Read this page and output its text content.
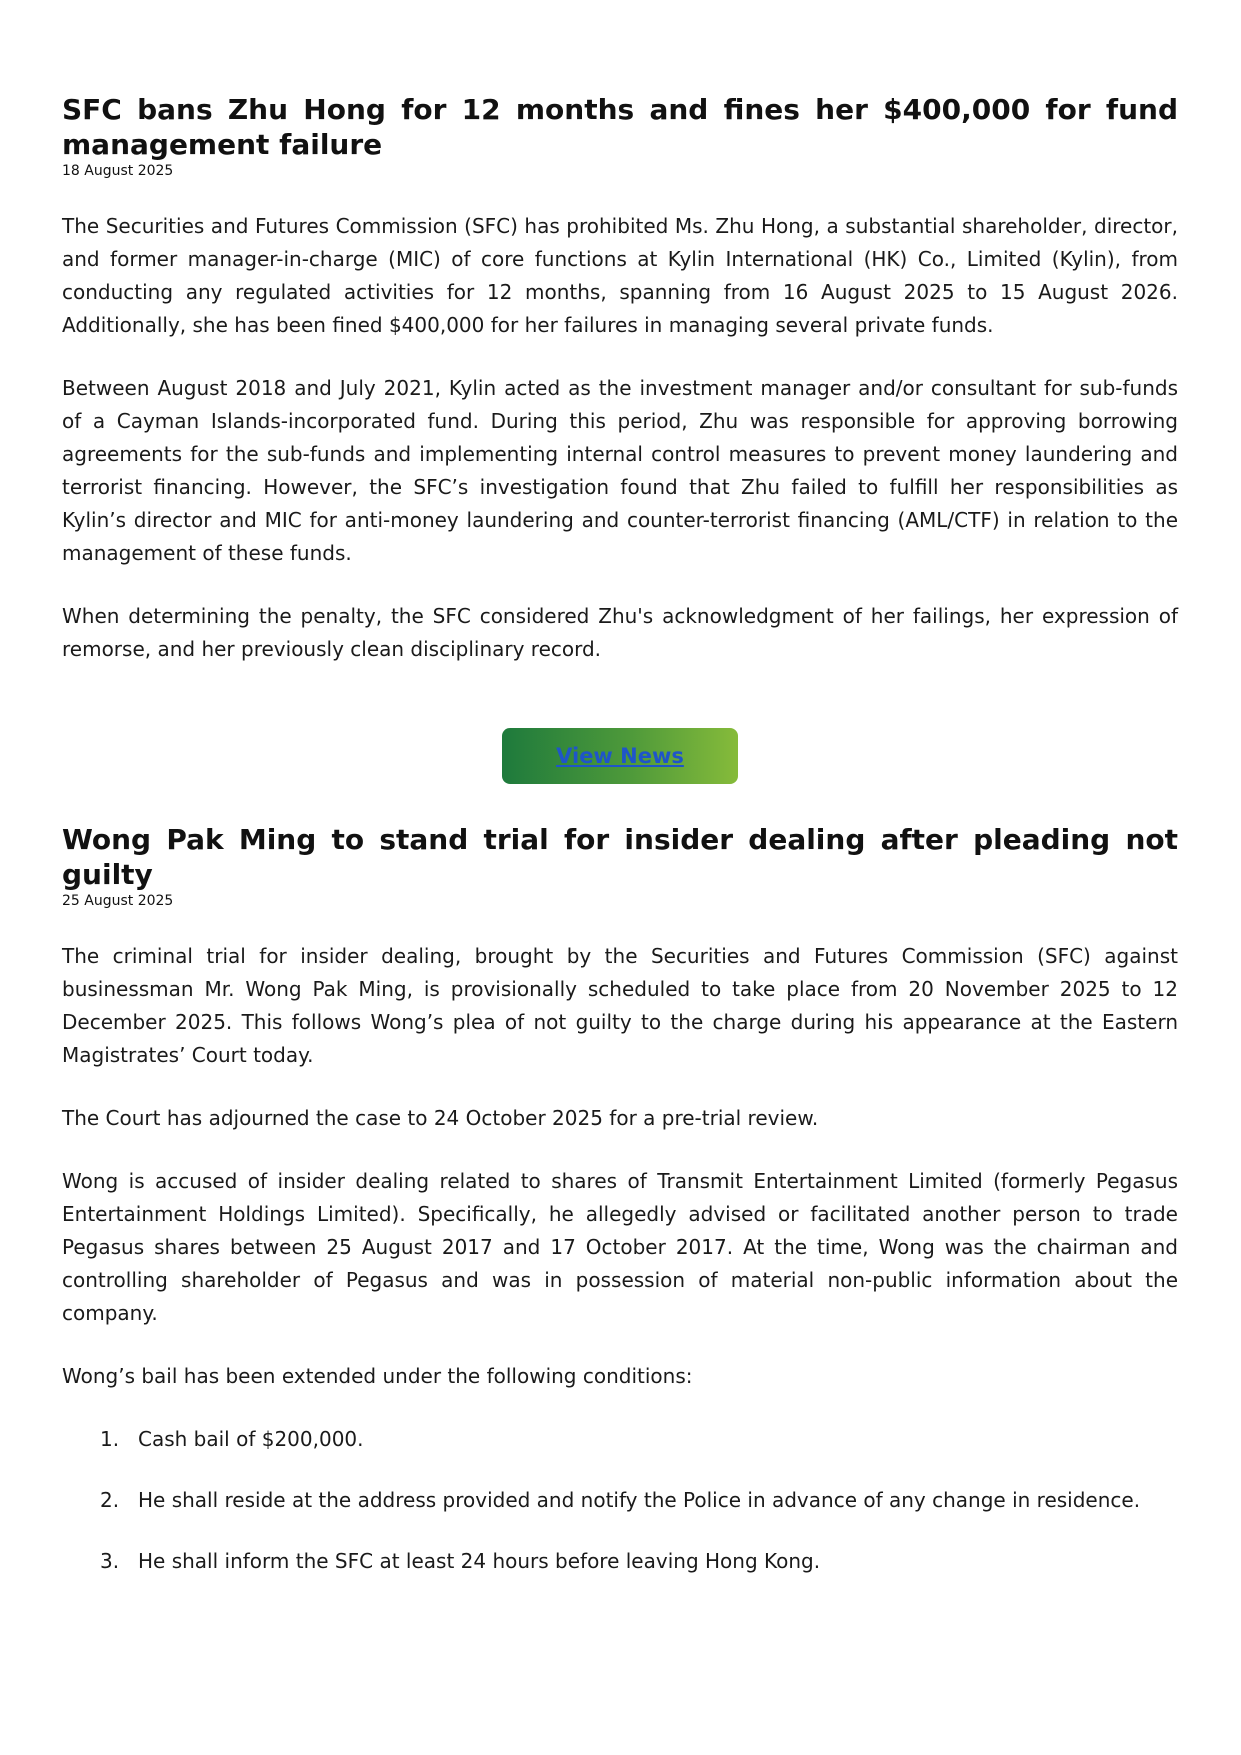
SFC bans Zhu Hong for 12 months and fines her $400,000 for fund management failure
18 August 2025

The Securities and Futures Commission (SFC) has prohibited Ms. Zhu Hong, a substantial shareholder, director, and former manager-in-charge (MIC) of core functions at Kylin International (HK) Co., Limited (Kylin), from conducting any regulated activities for 12 months, spanning from 16 August 2025 to 15 August 2026. Additionally, she has been fined $400,000 for her failures in managing several private funds.

Between August 2018 and July 2021, Kylin acted as the investment manager and/or consultant for sub-funds of a Cayman Islands-incorporated fund. During this period, Zhu was responsible for approving borrowing agreements for the sub-funds and implementing internal control measures to prevent money laundering and terrorist financing. However, the SFC’s investigation found that Zhu failed to fulfill her responsibilities as Kylin’s director and MIC for anti-money laundering and counter-terrorist financing (AML/CTF) in relation to the management of these funds.

When determining the penalty, the SFC considered Zhu's acknowledgment of her failings, her expression of remorse, and her previously clean disciplinary record.

View News
Wong Pak Ming to stand trial for insider dealing after pleading not guilty
25 August 2025

The criminal trial for insider dealing, brought by the Securities and Futures Commission (SFC) against businessman Mr. Wong Pak Ming, is provisionally scheduled to take place from 20 November 2025 to 12 December 2025. This follows Wong’s plea of not guilty to the charge during his appearance at the Eastern Magistrates’ Court today.

The Court has adjourned the case to 24 October 2025 for a pre-trial review.

Wong is accused of insider dealing related to shares of Transmit Entertainment Limited (formerly Pegasus Entertainment Holdings Limited). Specifically, he allegedly advised or facilitated another person to trade Pegasus shares between 25 August 2017 and 17 October 2017. At the time, Wong was the chairman and controlling shareholder of Pegasus and was in possession of material non-public information about the company.

Wong’s bail has been extended under the following conditions:

1. Cash bail of $200,000.
2. He shall reside at the address provided and notify the Police in advance of any change in residence.
3. He shall inform the SFC at least 24 hours before leaving Hong Kong.
